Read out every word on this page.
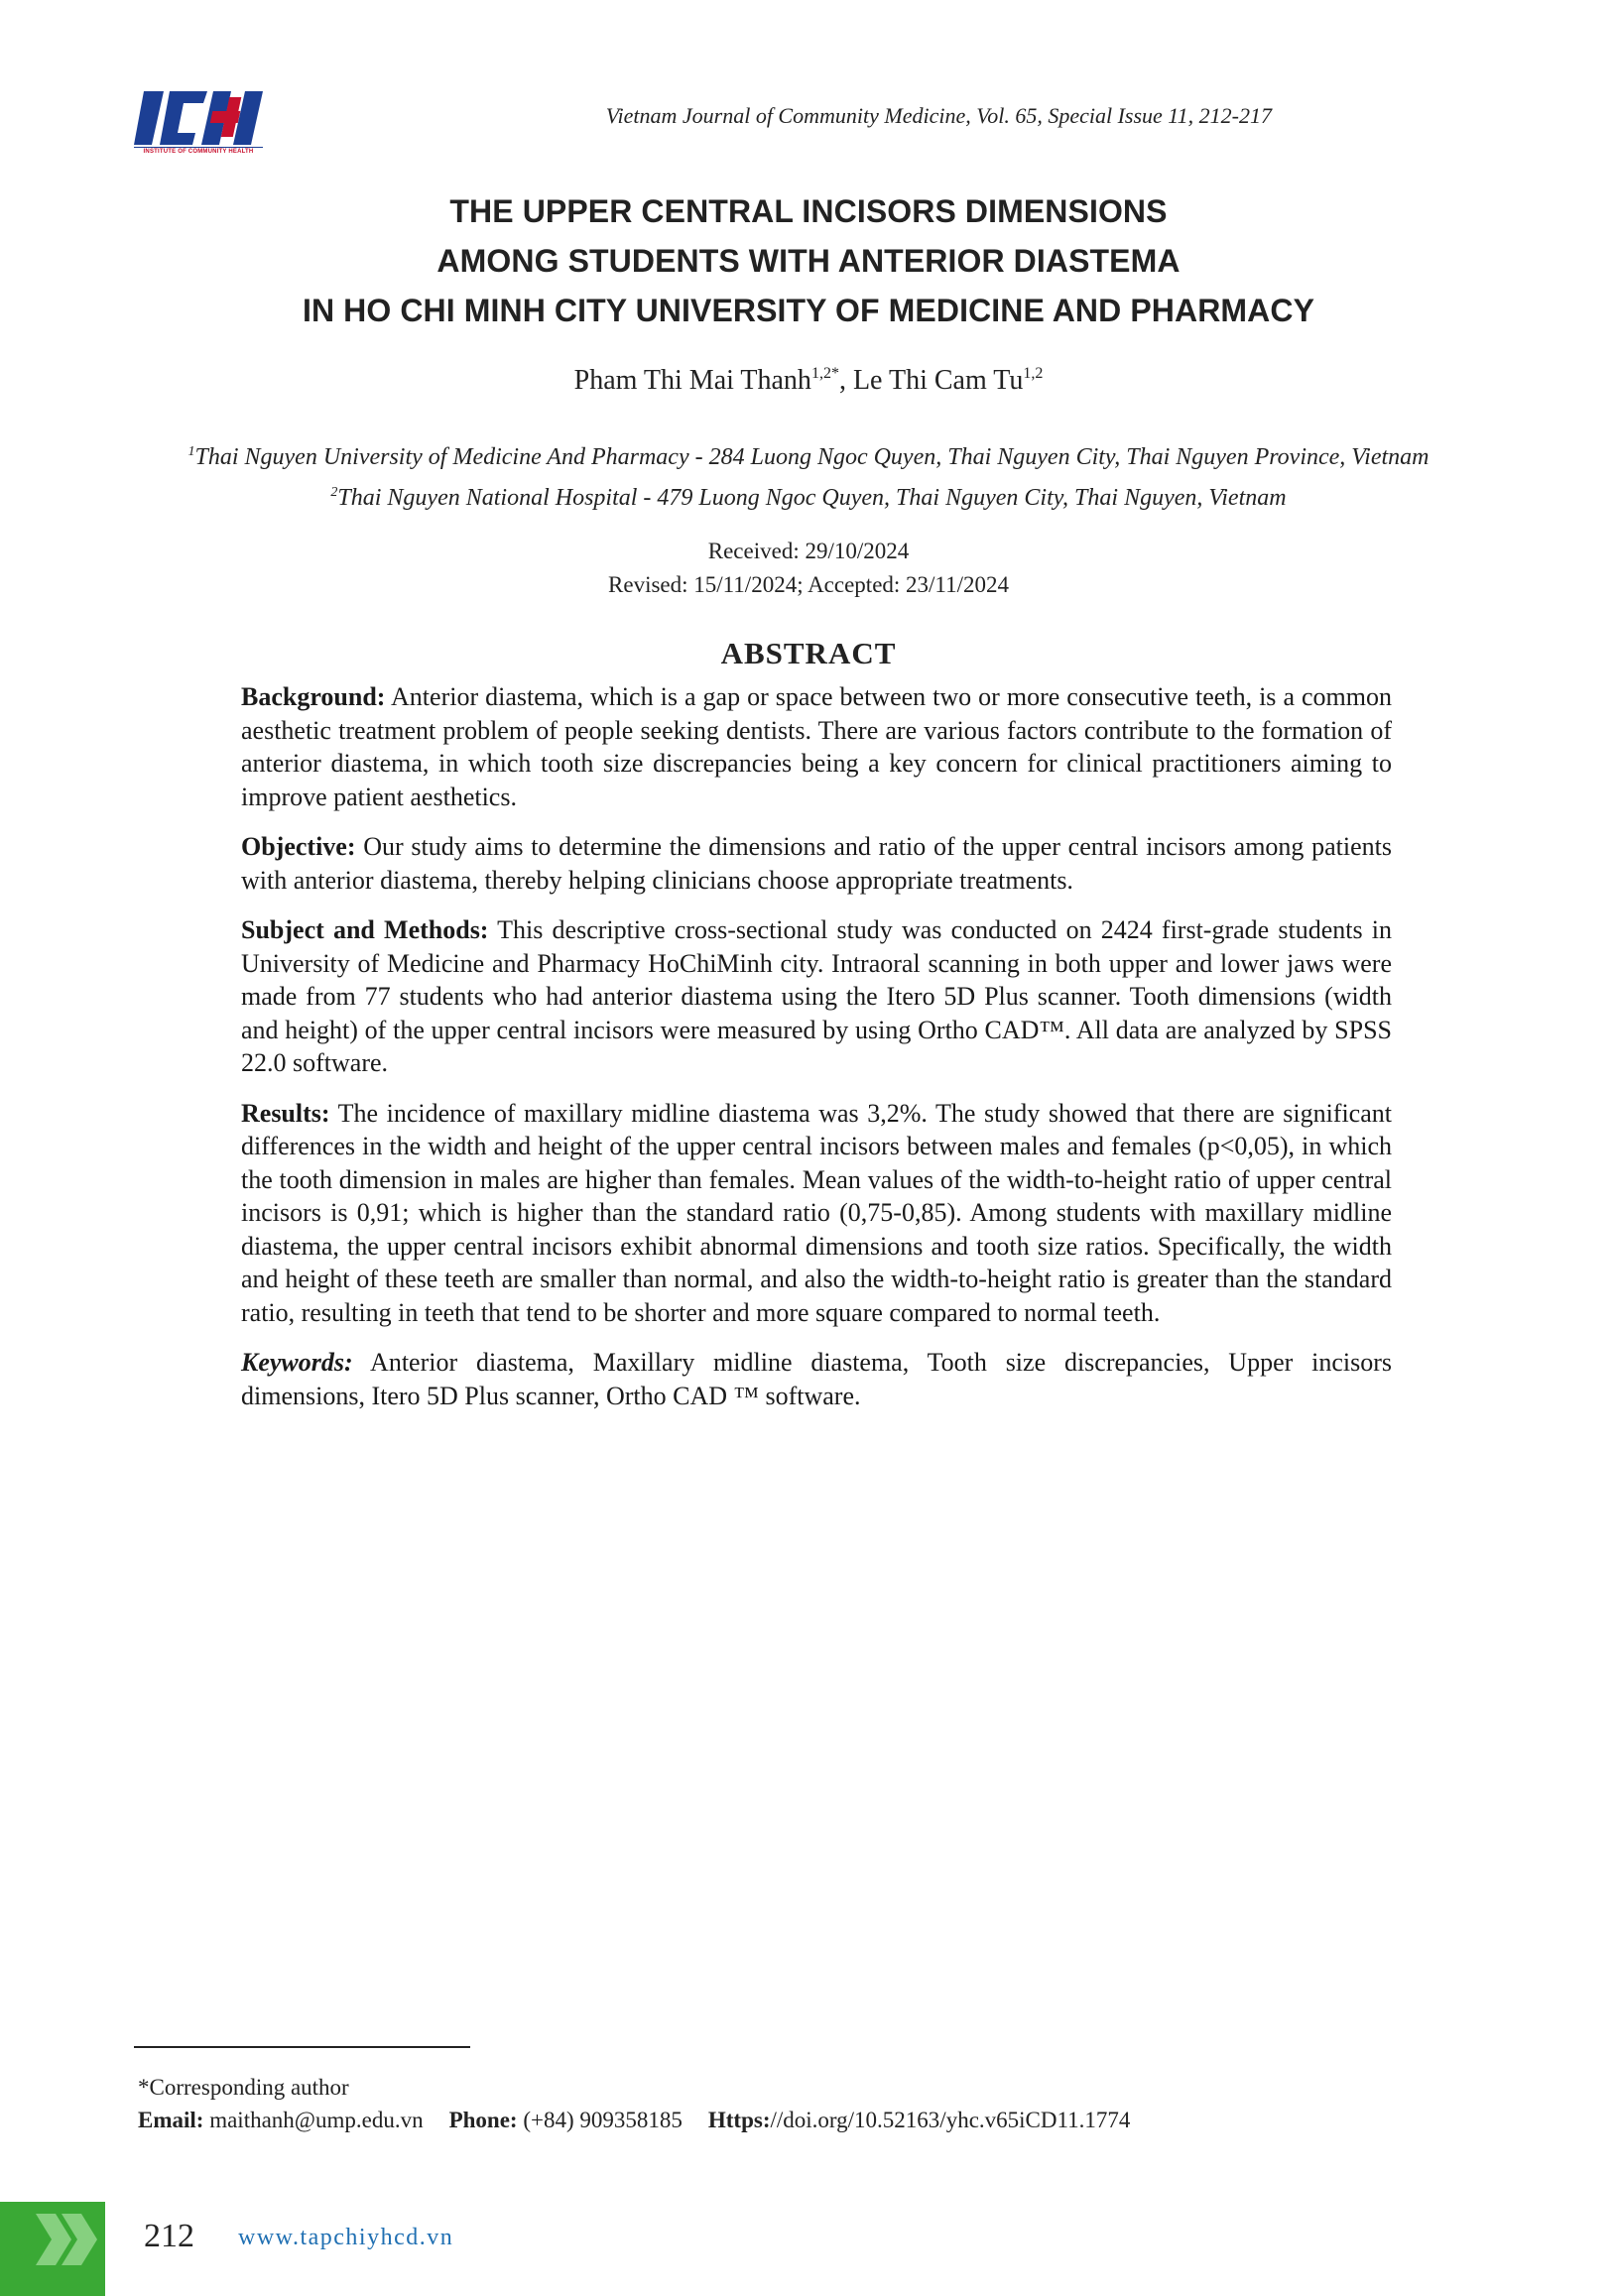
INSTITUTE OF COMMUNITY HEALTH
Vietnam Journal of Community Medicine, Vol. 65, Special Issue 11, 212-217
THE UPPER CENTRAL INCISORS DIMENSIONS
AMONG STUDENTS WITH ANTERIOR DIASTEMA
IN HO CHI MINH CITY UNIVERSITY OF MEDICINE AND PHARMACY
Pham Thi Mai Thanh$^{1,2*}$, Le Thi Cam Tu$^{1,2}$
$^1$Thai Nguyen University of Medicine And Pharmacy - 284 Luong Ngoc Quyen, Thai Nguyen City, Thai Nguyen Province, Vietnam
$^2$Thai Nguyen National Hospital - 479 Luong Ngoc Quyen, Thai Nguyen City, Thai Nguyen, Vietnam
Received: 29/10/2024
Revised: 15/11/2024; Accepted: 23/11/2024
ABSTRACT

Background: Anterior diastema, which is a gap or space between two or more consecutive teeth, is a common aesthetic treatment problem of people seeking dentists. There are various factors contribute to the formation of anterior diastema, in which tooth size discrepancies being a key concern for clinical practitioners aiming to improve patient aesthetics.

Objective: Our study aims to determine the dimensions and ratio of the upper central incisors among patients with anterior diastema, thereby helping clinicians choose appropriate treatments.

Subject and Methods: This descriptive cross-sectional study was conducted on 2424 first-grade students in University of Medicine and Pharmacy HoChiMinh city. Intraoral scanning in both upper and lower jaws were made from 77 students who had anterior diastema using the Itero 5D Plus scanner. Tooth dimensions (width and height) of the upper central incisors were measured by using Ortho CAD™. All data are analyzed by SPSS 22.0 software.

Results: The incidence of maxillary midline diastema was 3,2%. The study showed that there are significant differences in the width and height of the upper central incisors between males and females (p<0,05), in which the tooth dimension in males are higher than females. Mean values of the width-to-height ratio of upper central incisors is 0,91; which is higher than the standard ratio (0,75-0,85). Among students with maxillary midline diastema, the upper central incisors exhibit abnormal dimensions and tooth size ratios. Specifically, the width and height of these teeth are smaller than normal, and also the width-to-height ratio is greater than the standard ratio, resulting in teeth that tend to be shorter and more square compared to normal teeth.

Keywords: Anterior diastema, Maxillary midline diastema, Tooth size discrepancies, Upper incisors dimensions, Itero 5D Plus scanner, Ortho CAD ™ software.

*Corresponding author
Email: maithanh@ump.edu.vn Phone: (+84) 909358185 Https://doi.org/10.52163/yhc.v65iCD11.1774
212 www.tapchiyhcd.vn
